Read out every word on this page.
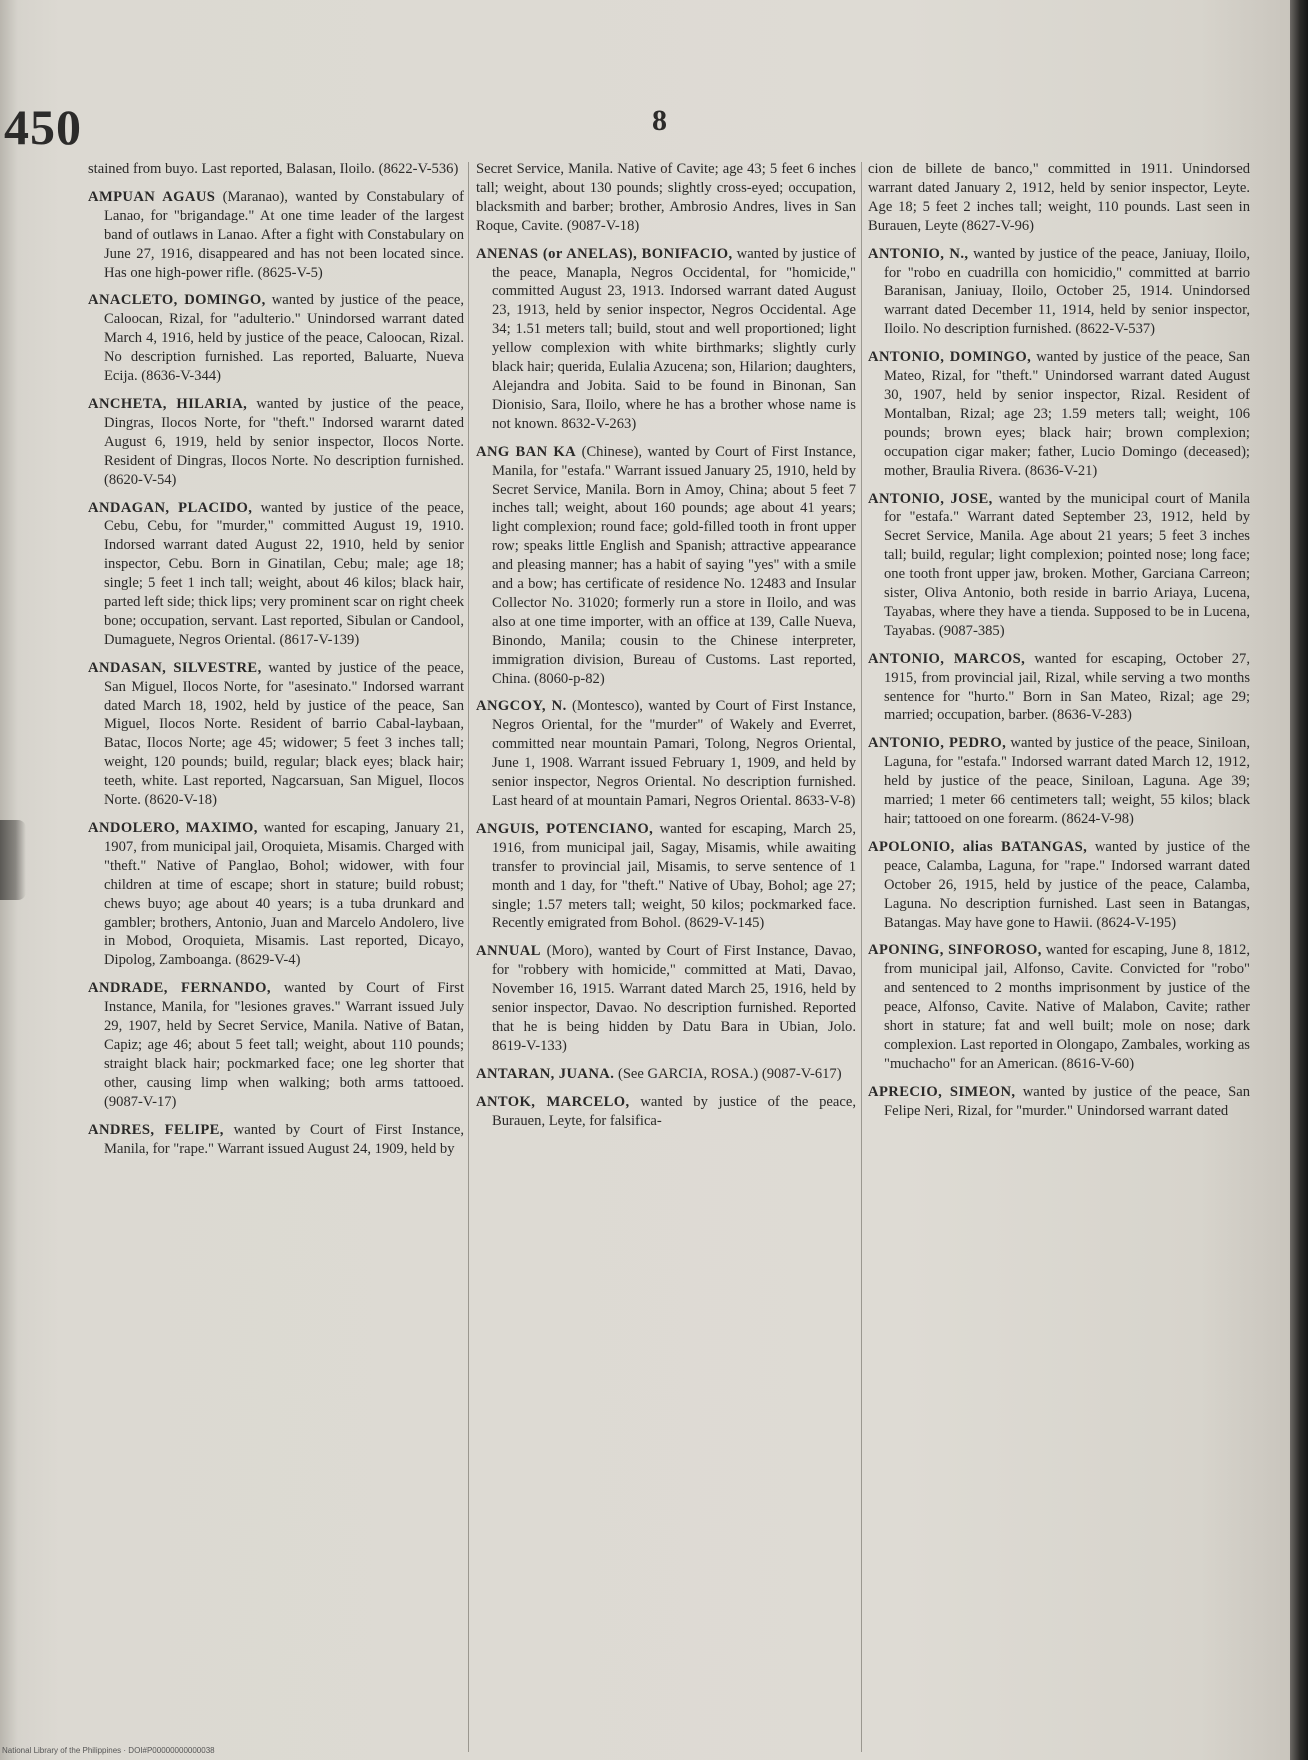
450	8

stained from buyo. Last reported, Balasan, Iloilo. (8622-V-536)

AMPUAN AGAUS (Maranao), wanted by Constabulary of Lanao, for "brigandage." At one time leader of the largest band of outlaws in Lanao. After a fight with Constabulary on June 27, 1916, disappeared and has not been located since. Has one high-power rifle. (8625-V-5)

ANACLETO, DOMINGO, wanted by justice of the peace, Caloocan, Rizal, for "adulterio." Unindorsed warrant dated March 4, 1916, held by justice of the peace, Caloocan, Rizal. No description furnished. Las reported, Baluarte, Nueva Ecija. (8636-V-344)

ANCHETA, HILARIA, wanted by justice of the peace, Dingras, Ilocos Norte, for "theft." Indorsed wararnt dated August 6, 1919, held by senior inspector, Ilocos Norte. Resident of Dingras, Ilocos Norte. No description furnished. (8620-V-54)

ANDAGAN, PLACIDO, wanted by justice of the peace, Cebu, Cebu, for "murder," committed August 19, 1910. Indorsed warrant dated August 22, 1910, held by senior inspector, Cebu. Born in Ginatilan, Cebu; male; age 18; single; 5 feet 1 inch tall; weight, about 46 kilos; black hair, parted left side; thick lips; very prominent scar on right cheek bone; occupation, servant. Last reported, Sibulan or Candool, Dumaguete, Negros Oriental. (8617-V-139)

ANDASAN, SILVESTRE, wanted by justice of the peace, San Miguel, Ilocos Norte, for "asesinato." Indorsed warrant dated March 18, 1902, held by justice of the peace, San Miguel, Ilocos Norte. Resident of barrio Cabal-laybaan, Batac, Ilocos Norte; age 45; widower; 5 feet 3 inches tall; weight, 120 pounds; build, regular; black eyes; black hair; teeth, white. Last reported, Nagcarsuan, San Miguel, Ilocos Norte. (8620-V-18)

ANDOLERO, MAXIMO, wanted for escaping, January 21, 1907, from municipal jail, Oroquieta, Misamis. Charged with "theft." Native of Panglao, Bohol; widower, with four children at time of escape; short in stature; build robust; chews buyo; age about 40 years; is a tuba drunkard and gambler; brothers, Antonio, Juan and Marcelo Andolero, live in Mobod, Oroquieta, Misamis. Last reported, Dicayo, Dipolog, Zamboanga. (8629-V-4)

ANDRADE, FERNANDO, wanted by Court of First Instance, Manila, for "lesiones graves." Warrant issued July 29, 1907, held by Secret Service, Manila. Native of Batan, Capiz; age 46; about 5 feet tall; weight, about 110 pounds; straight black hair; pockmarked face; one leg shorter that other, causing limp when walking; both arms tattooed. (9087-V-17)

ANDRES, FELIPE, wanted by Court of First Instance, Manila, for "rape." Warrant issued August 24, 1909, held by

Secret Service, Manila. Native of Cavite; age 43; 5 feet 6 inches tall; weight, about 130 pounds; slightly cross-eyed; occupation, blacksmith and barber; brother, Ambrosio Andres, lives in San Roque, Cavite. (9087-V-18)

ANENAS (or ANELAS), BONIFACIO, wanted by justice of the peace, Manapla, Negros Occidental, for "homicide," committed August 23, 1913. Indorsed warrant dated August 23, 1913, held by senior inspector, Negros Occidental. Age 34; 1.51 meters tall; build, stout and well proportioned; light yellow complexion with white birthmarks; slightly curly black hair; querida, Eulalia Azucena; son, Hilarion; daughters, Alejandra and Jobita. Said to be found in Binonan, San Dionisio, Sara, Iloilo, where he has a brother whose name is not known. 8632-V-263)

ANG BAN KA (Chinese), wanted by Court of First Instance, Manila, for "estafa." Warrant issued January 25, 1910, held by Secret Service, Manila. Born in Amoy, China; about 5 feet 7 inches tall; weight, about 160 pounds; age about 41 years; light complexion; round face; gold-filled tooth in front upper row; speaks little English and Spanish; attractive appearance and pleasing manner; has a habit of saying "yes" with a smile and a bow; has certificate of residence No. 12483 and Insular Collector No. 31020; formerly run a store in Iloilo, and was also at one time importer, with an office at 139, Calle Nueva, Binondo, Manila; cousin to the Chinese interpreter, immigration division, Bureau of Customs. Last reported, China. (8060-p-82)

ANGCOY, N. (Montesco), wanted by Court of First Instance, Negros Oriental, for the "murder" of Wakely and Everret, committed near mountain Pamari, Tolong, Negros Oriental, June 1, 1908. Warrant issued February 1, 1909, and held by senior inspector, Negros Oriental. No description furnished. Last heard of at mountain Pamari, Negros Oriental. 8633-V-8)

ANGUIS, POTENCIANO, wanted for escaping, March 25, 1916, from municipal jail, Sagay, Misamis, while awaiting transfer to provincial jail, Misamis, to serve sentence of 1 month and 1 day, for "theft." Native of Ubay, Bohol; age 27; single; 1.57 meters tall; weight, 50 kilos; pockmarked face. Recently emigrated from Bohol. (8629-V-145)

ANNUAL (Moro), wanted by Court of First Instance, Davao, for "robbery with homicide," committed at Mati, Davao, November 16, 1915. Warrant dated March 25, 1916, held by senior inspector, Davao. No description furnished. Reported that he is being hidden by Datu Bara in Ubian, Jolo. 8619-V-133)

ANTARAN, JUANA. (See GARCIA, ROSA.) (9087-V-617)

ANTOK, MARCELO, wanted by justice of the peace, Burauen, Leyte, for falsifica-

cion de billete de banco," committed in 1911. Unindorsed warrant dated January 2, 1912, held by senior inspector, Leyte. Age 18; 5 feet 2 inches tall; weight, 110 pounds. Last seen in Burauen, Leyte (8627-V-96)

ANTONIO, N., wanted by justice of the peace, Janiuay, Iloilo, for "robo en cuadrilla con homicidio," committed at barrio Baranisan, Janiuay, Iloilo, October 25, 1914. Unindorsed warrant dated December 11, 1914, held by senior inspector, Iloilo. No description furnished. (8622-V-537)

ANTONIO, DOMINGO, wanted by justice of the peace, San Mateo, Rizal, for "theft." Unindorsed warrant dated August 30, 1907, held by senior inspector, Rizal. Resident of Montalban, Rizal; age 23; 1.59 meters tall; weight, 106 pounds; brown eyes; black hair; brown complexion; occupation cigar maker; father, Lucio Domingo (deceased); mother, Braulia Rivera. (8636-V-21)

ANTONIO, JOSE, wanted by the municipal court of Manila for "estafa." Warrant dated September 23, 1912, held by Secret Service, Manila. Age about 21 years; 5 feet 3 inches tall; build, regular; light complexion; pointed nose; long face; one tooth front upper jaw, broken. Mother, Garciana Carreon; sister, Oliva Antonio, both reside in barrio Ariaya, Lucena, Tayabas, where they have a tienda. Supposed to be in Lucena, Tayabas. (9087-385)

ANTONIO, MARCOS, wanted for escaping, October 27, 1915, from provincial jail, Rizal, while serving a two months sentence for "hurto." Born in San Mateo, Rizal; age 29; married; occupation, barber. (8636-V-283)

ANTONIO, PEDRO, wanted by justice of the peace, Siniloan, Laguna, for "estafa." Indorsed warrant dated March 12, 1912, held by justice of the peace, Siniloan, Laguna. Age 39; married; 1 meter 66 centimeters tall; weight, 55 kilos; black hair; tattooed on one forearm. (8624-V-98)

APOLONIO, alias BATANGAS, wanted by justice of the peace, Calamba, Laguna, for "rape." Indorsed warrant dated October 26, 1915, held by justice of the peace, Calamba, Laguna. No description furnished. Last seen in Batangas, Batangas. May have gone to Hawii. (8624-V-195)

APONING, SINFOROSO, wanted for escaping, June 8, 1812, from municipal jail, Alfonso, Cavite. Convicted for "robo" and sentenced to 2 months imprisonment by justice of the peace, Alfonso, Cavite. Native of Malabon, Cavite; rather short in stature; fat and well built; mole on nose; dark complexion. Last reported in Olongapo, Zambales, working as "muchacho" for an American. (8616-V-60)

APRECIO, SIMEON, wanted by justice of the peace, San Felipe Neri, Rizal, for "murder." Unindorsed warrant dated

National Library of the Philippines · DOI#P00000000000038
